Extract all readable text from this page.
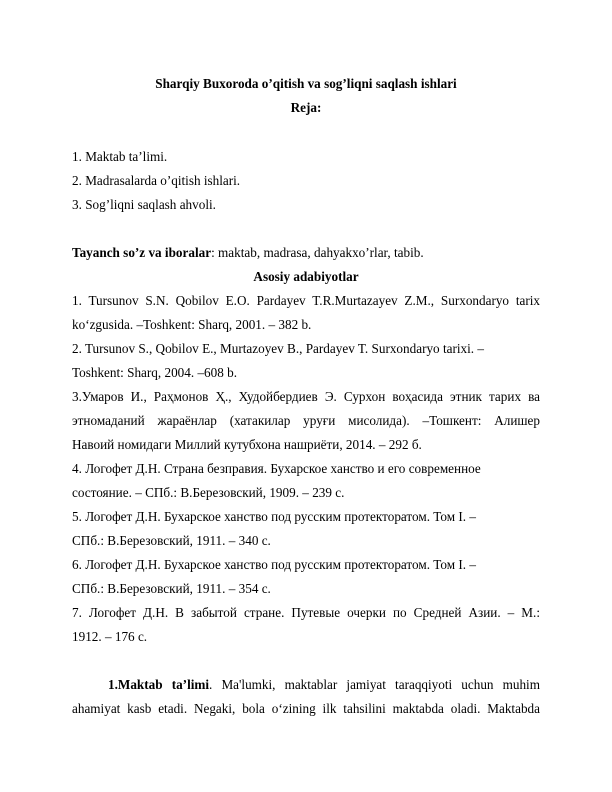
Sharqiy Buxoroda o’qitish va sog’liqni saqlash ishlari
Reja:
1. Maktab ta’limi.
2. Madrasalarda o’qitish ishlari.
3. Sog’liqni saqlash ahvoli.
Tayanch so’z va iboralar: maktab, madrasa, dahyakxo’rlar, tabib.
Asosiy adabiyotlar
1. Tursunov S.N. Qobilov E.O. Pardayev T.R.Murtazayev Z.M., Surxondaryo tarix
ko‘zgusida. –Toshkent: Sharq, 2001. – 382 b.
2. Tursunov S., Qobilov E., Murtazoyev B., Pardayev T. Surxondaryo tarixi. –
Toshkent: Sharq, 2004. –608 b.
3.Умаров И., Раҳмонов Ҳ., Худойбердиев Э. Сурхон воҳасида этник тарих ва
этномаданий жараёнлар (хатакилар уруғи мисолида). –Тошкент: Алишер
Навоий номидаги Миллий кутубхона нашриёти, 2014. – 292 б.
4. Логофет Д.Н. Страна безправия. Бухарское ханство и его современное
состояние. – СПб.: В.Березовский, 1909. – 239 с.
5. Логофет Д.Н. Бухарское ханство под русским протекторатом. Том I. –
СПб.: В.Березовский, 1911. – 340 с.
6. Логофет Д.Н. Бухарское ханство под русским протекторатом. Том I. –
СПб.: В.Березовский, 1911. – 354 с.
7. Логофет Д.Н. В забытой стране. Путевые очерки по Средней Азии. – М.:
1912. – 176 с.
1.Maktab ta’limi. Ma'lumki, maktablar jamiyat taraqqiyoti uchun muhim
ahamiyat kasb etadi. Negaki, bola o‘zining ilk tahsilini maktabda oladi. Maktabda
